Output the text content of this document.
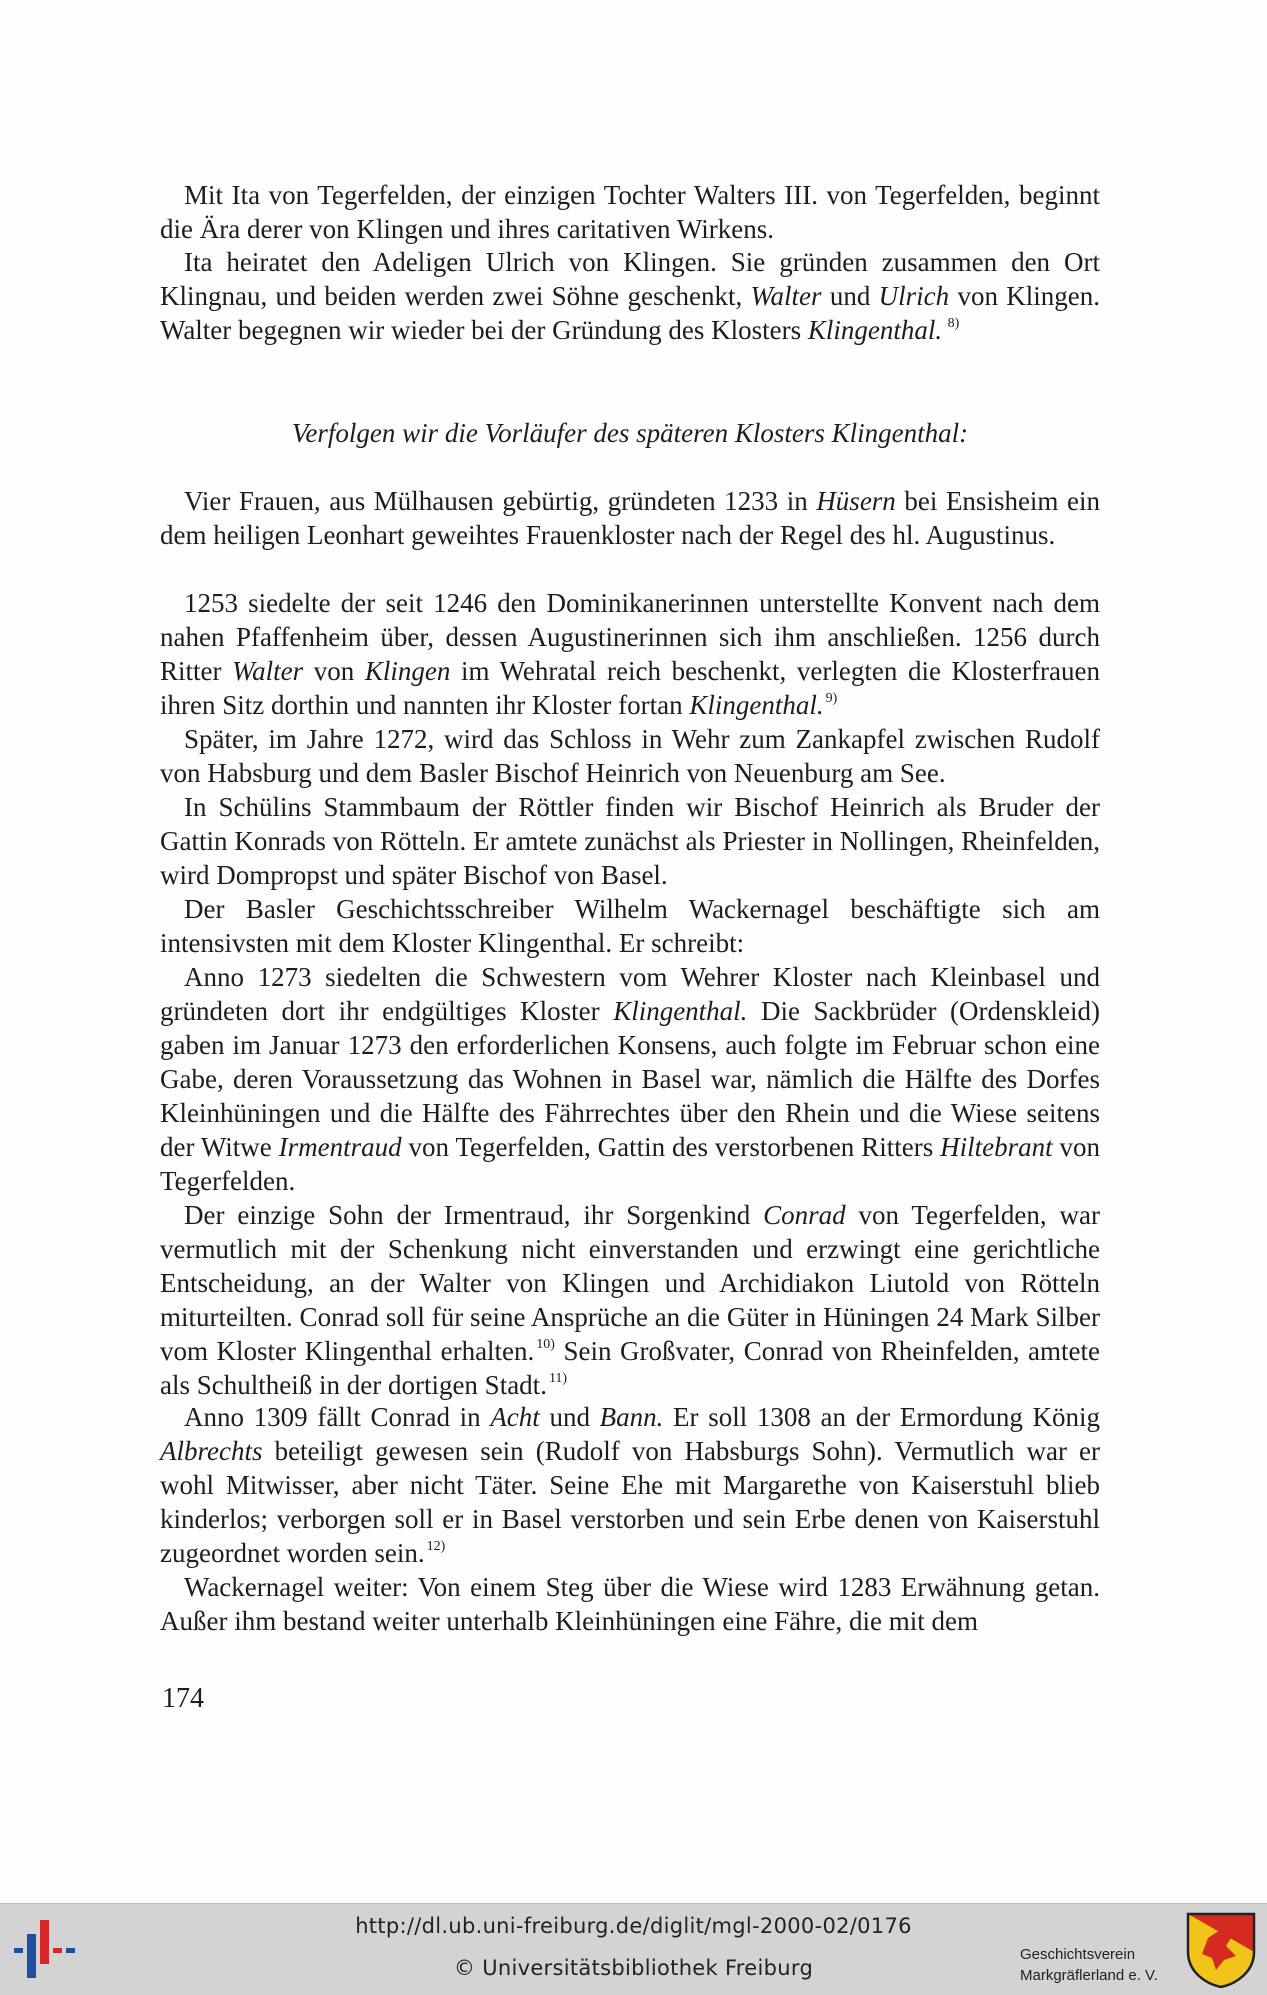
Mit Ita von Tegerfelden, der einzigen Tochter Walters III. von Tegerfelden, beginnt die Ära derer von Klingen und ihres caritativen Wirkens.

Ita heiratet den Adeligen Ulrich von Klingen. Sie gründen zusammen den Ort Klingnau, und beiden werden zwei Söhne geschenkt, Walter und Ulrich von Klingen. Walter begegnen wir wieder bei der Gründung des Klosters Klingenthal. $^{8)}$

Verfolgen wir die Vorläufer des späteren Klosters Klingenthal:

Vier Frauen, aus Mülhausen gebürtig, gründeten 1233 in Hüsern bei Ensisheim ein dem heiligen Leonhart geweihtes Frauenkloster nach der Regel des hl. Augustinus.

1253 siedelte der seit 1246 den Dominikanerinnen unterstellte Konvent nach dem nahen Pfaffenheim über, dessen Augustinerinnen sich ihm anschließen. 1256 durch Ritter Walter von Klingen im Wehratal reich beschenkt, verlegten die Klosterfrauen ihren Sitz dorthin und nannten ihr Kloster fortan Klingenthal. $^{9)}$

Später, im Jahre 1272, wird das Schloss in Wehr zum Zankapfel zwischen Rudolf von Habsburg und dem Basler Bischof Heinrich von Neuenburg am See.

In Schülins Stammbaum der Röttler finden wir Bischof Heinrich als Bruder der Gattin Konrads von Rötteln. Er amtete zunächst als Priester in Nollingen, Rheinfelden, wird Dompropst und später Bischof von Basel.

Der Basler Geschichtsschreiber Wilhelm Wackernagel beschäftigte sich am intensivsten mit dem Kloster Klingenthal. Er schreibt:

Anno 1273 siedelten die Schwestern vom Wehrer Kloster nach Kleinbasel und gründeten dort ihr endgültiges Kloster Klingenthal. Die Sackbrüder (Ordenskleid) gaben im Januar 1273 den erforderlichen Konsens, auch folgte im Februar schon eine Gabe, deren Voraussetzung das Wohnen in Basel war, nämlich die Hälfte des Dorfes Kleinhüningen und die Hälfte des Fährrechtes über den Rhein und die Wiese seitens der Witwe Irmentraud von Tegerfelden, Gattin des verstorbenen Ritters Hiltebrant von Tegerfelden.

Der einzige Sohn der Irmentraud, ihr Sorgenkind Conrad von Tegerfelden, war vermutlich mit der Schenkung nicht einverstanden und erzwingt eine gerichtliche Entscheidung, an der Walter von Klingen und Archidiakon Liutold von Rötteln miturteilten. Conrad soll für seine Ansprüche an die Güter in Hüningen 24 Mark Silber vom Kloster Klingenthal erhalten. $^{10)}$ Sein Großvater, Conrad von Rheinfelden, amtete als Schultheiß in der dortigen Stadt. $^{11)}$

Anno 1309 fällt Conrad in Acht und Bann. Er soll 1308 an der Ermordung König Albrechts beteiligt gewesen sein (Rudolf von Habsburgs Sohn). Vermutlich war er wohl Mitwisser, aber nicht Täter. Seine Ehe mit Margarethe von Kaiserstuhl blieb kinderlos; verborgen soll er in Basel verstorben und sein Erbe denen von Kaiserstuhl zugeordnet worden sein. $^{12)}$

Wackernagel weiter: Von einem Steg über die Wiese wird 1283 Erwähnung getan. Außer ihm bestand weiter unterhalb Kleinhüningen eine Fähre, die mit dem

174
http://dl.ub.uni-freiburg.de/diglit/mgl-2000-02/0176
© Universitätsbibliothek Freiburg
Geschichtsverein
Markgräflerland e. V.
